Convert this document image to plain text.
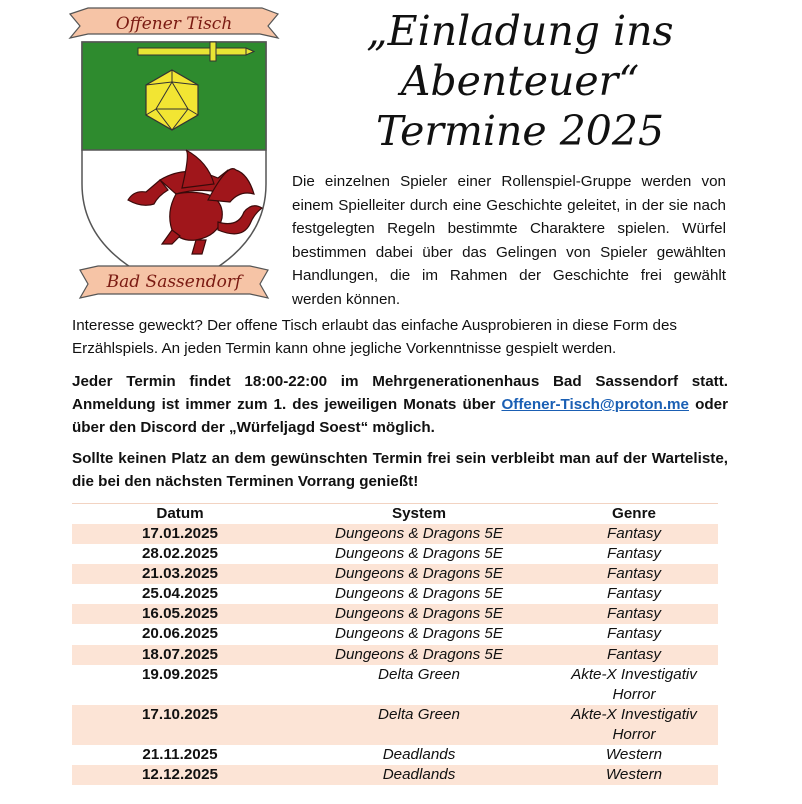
Offener Tisch
Bad Sassendorf
„Einladung ins
Abenteuer“
Termine 2025

Die einzelnen Spieler einer Rollenspiel-Gruppe werden von einem Spielleiter durch eine Geschichte geleitet, in der sie nach festgelegten Regeln bestimmte Charaktere spielen. Würfel bestimmen dabei über das Gelingen von Spieler gewählten Handlungen, die im Rahmen der Geschichte frei gewählt werden können.

Interesse geweckt? Der offene Tisch erlaubt das einfache Ausprobieren in diese Form des Erzählspiels. An jeden Termin kann ohne jegliche Vorkenntnisse gespielt werden.

Jeder Termin findet 18:00-22:00 im Mehrgenerationenhaus Bad Sassendorf statt. Anmeldung ist immer zum 1. des jeweiligen Monats über Offener-Tisch@proton.me oder über den Discord der „Würfeljagd Soest“ möglich.

Sollte keinen Platz an dem gewünschten Termin frei sein verbleibt man auf der Warteliste, die bei den nächsten Terminen Vorrang genießt!

Datum	System	Genre
17.01.2025	Dungeons & Dragons 5E	Fantasy
28.02.2025	Dungeons & Dragons 5E	Fantasy
21.03.2025	Dungeons & Dragons 5E	Fantasy
25.04.2025	Dungeons & Dragons 5E	Fantasy
16.05.2025	Dungeons & Dragons 5E	Fantasy
20.06.2025	Dungeons & Dragons 5E	Fantasy
18.07.2025	Dungeons & Dragons 5E	Fantasy
19.09.2025	Delta Green	Akte-X Investigativ Horror
17.10.2025	Delta Green	Akte-X Investigativ Horror
21.11.2025	Deadlands	Western
12.12.2025	Deadlands	Western
